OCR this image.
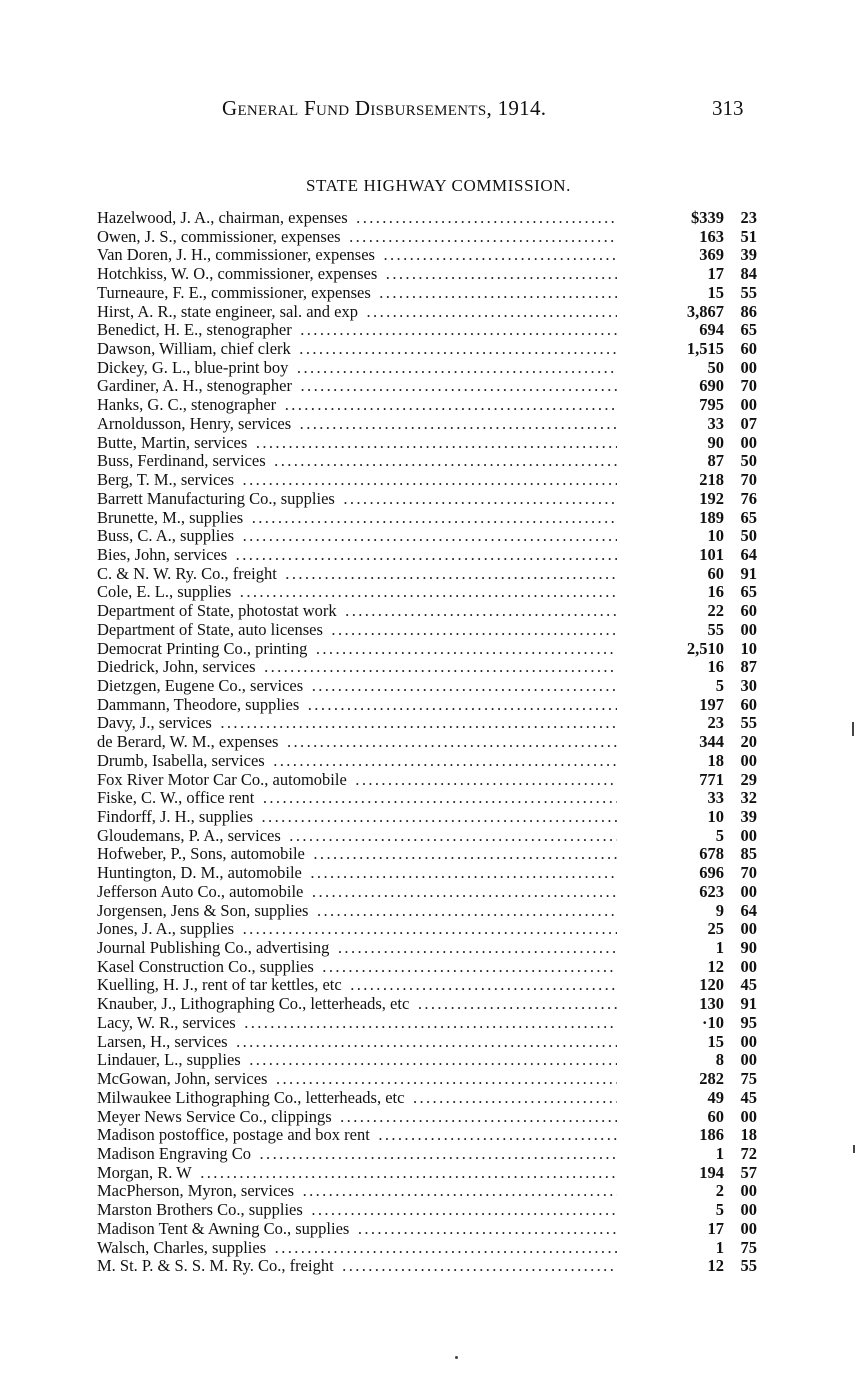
General Fund Disbursements, 1914.	313
STATE HIGHWAY COMMISSION.
Hazelwood, J. A., chairman, expenses .....	$339	23
Owen, J. S., commissioner, expenses .....	163	51
Van Doren, J. H., commissioner, expenses .....	369	39
Hotchkiss, W. O., commissioner, expenses .....	17	84
Turneaure, F. E., commissioner, expenses .....	15	55
Hirst, A. R., state engineer, sal. and exp .....	3,867	86
Benedict, H. E., stenographer .....	694	65
Dawson, William, chief clerk .....	1,515	60
Dickey, G. L., blue-print boy .....	50	00
Gardiner, A. H., stenographer .....	690	70
Hanks, G. C., stenographer .....	795	00
Arnoldusson, Henry, services .....	33	07
Butte, Martin, services .....	90	00
Buss, Ferdinand, services .....	87	50
Berg, T. M., services .....	218	70
Barrett Manufacturing Co., supplies .....	192	76
Brunette, M., supplies .....	189	65
Buss, C. A., supplies .....	10	50
Bies, John, services .....	101	64
C. & N. W. Ry. Co., freight .....	60	91
Cole, E. L., supplies .....	16	65
Department of State, photostat work .....	22	60
Department of State, auto licenses .....	55	00
Democrat Printing Co., printing .....	2,510	10
Diedrick, John, services .....	16	87
Dietzgen, Eugene Co., services .....	5	30
Dammann, Theodore, supplies .....	197	60
Davy, J., services .....	23	55
de Berard, W. M., expenses .....	344	20
Drumb, Isabella, services .....	18	00
Fox River Motor Car Co., automobile .....	771	29
Fiske, C. W., office rent .....	33	32
Findorff, J. H., supplies .....	10	39
Gloudemans, P. A., services .....	5	00
Hofweber, P., Sons, automobile .....	678	85
Huntington, D. M., automobile .....	696	70
Jefferson Auto Co., automobile .....	623	00
Jorgensen, Jens & Son, supplies .....	9	64
Jones, J. A., supplies .....	25	00
Journal Publishing Co., advertising .....	1	90
Kasel Construction Co., supplies .....	12	00
Kuelling, H. J., rent of tar kettles, etc .....	120	45
Knauber, J., Lithographing Co., letterheads, etc .....	130	91
Lacy, W. R., services .....	·10	95
Larsen, H., services .....	15	00
Lindauer, L., supplies .....	8	00
McGowan, John, services .....	282	75
Milwaukee Lithographing Co., letterheads, etc .....	49	45
Meyer News Service Co., clippings .....	60	00
Madison postoffice, postage and box rent .....	186	18
Madison Engraving Co .....	1	72
Morgan, R. W .....	194	57
MacPherson, Myron, services .....	2	00
Marston Brothers Co., supplies .....	5	00
Madison Tent & Awning Co., supplies .....	17	00
Walsch, Charles, supplies .....	1	75
M. St. P. & S. S. M. Ry. Co., freight .....	12	55
